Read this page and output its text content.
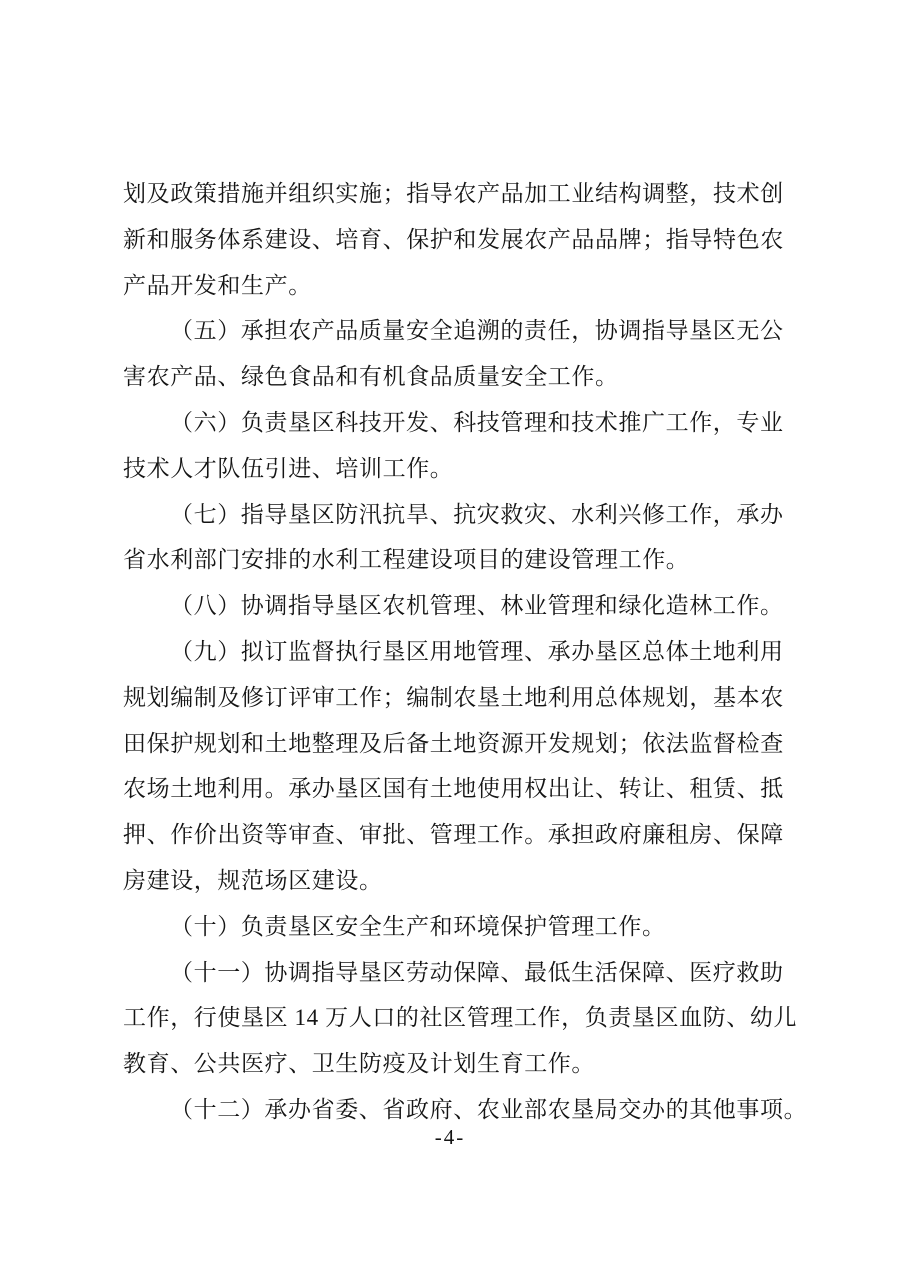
划及政策措施并组织实施；指导农产品加工业结构调整，技术创
新和服务体系建设、培育、保护和发展农产品品牌；指导特色农
产品开发和生产。
（五）承担农产品质量安全追溯的责任，协调指导垦区无公
害农产品、绿色食品和有机食品质量安全工作。
（六）负责垦区科技开发、科技管理和技术推广工作，专业
技术人才队伍引进、培训工作。
（七）指导垦区防汛抗旱、抗灾救灾、水利兴修工作，承办
省水利部门安排的水利工程建设项目的建设管理工作。
（八）协调指导垦区农机管理、林业管理和绿化造林工作。
（九）拟订监督执行垦区用地管理、承办垦区总体土地利用
规划编制及修订评审工作；编制农垦土地利用总体规划，基本农
田保护规划和土地整理及后备土地资源开发规划；依法监督检查
农场土地利用。承办垦区国有土地使用权出让、转让、租赁、抵
押、作价出资等审查、审批、管理工作。承担政府廉租房、保障
房建设，规范场区建设。
（十）负责垦区安全生产和环境保护管理工作。
（十一）协调指导垦区劳动保障、最低生活保障、医疗救助
工作，行使垦区 14 万人口的社区管理工作，负责垦区血防、幼儿
教育、公共医疗、卫生防疫及计划生育工作。
（十二）承办省委、省政府、农业部农垦局交办的其他事项。
-4-
